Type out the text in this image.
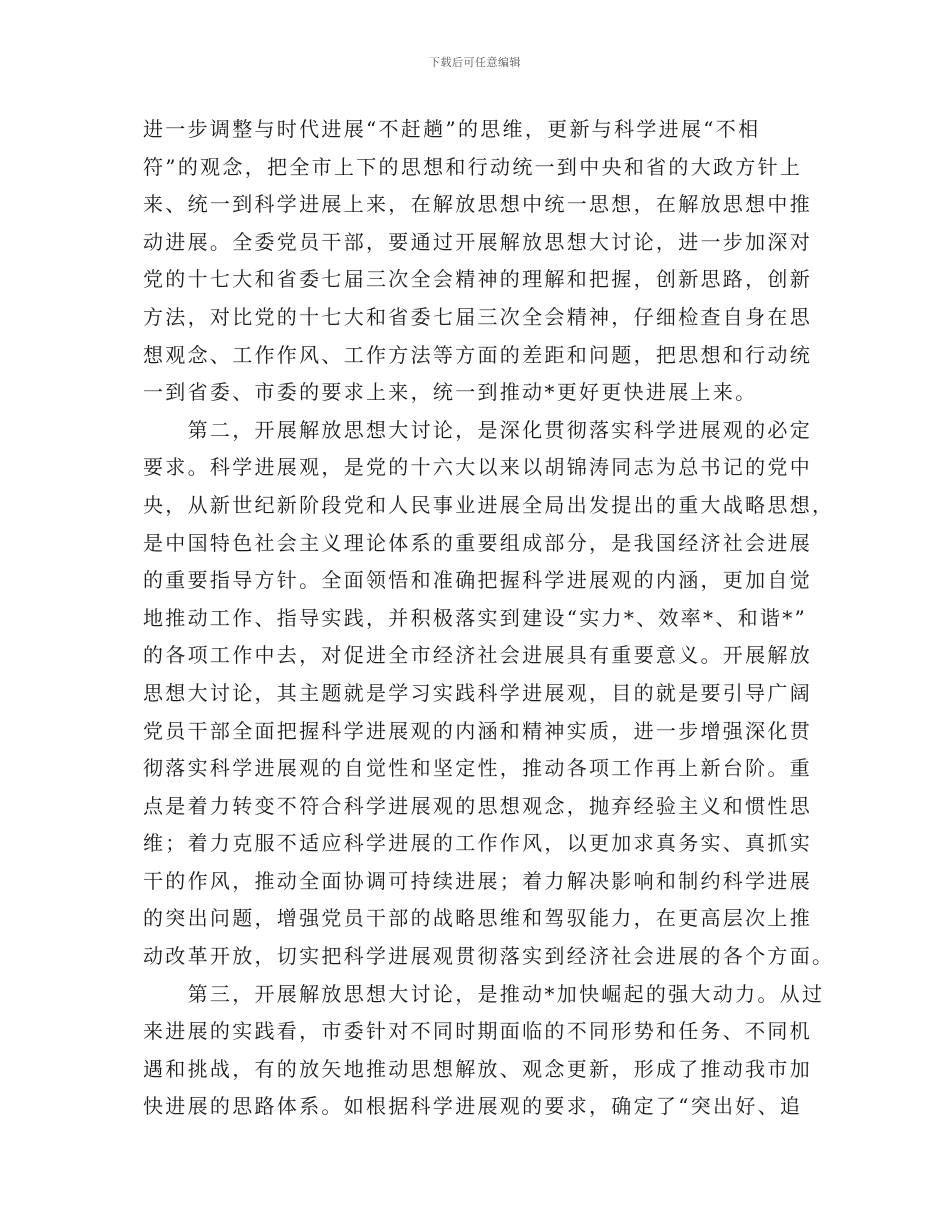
下载后可任意编辑
进一步调整与时代进展“不赶趟”的思维，更新与科学进展“不相
符”的观念，把全市上下的思想和行动统一到中央和省的大政方针上
来、统一到科学进展上来，在解放思想中统一思想，在解放思想中推
动进展。全委党员干部，要通过开展解放思想大讨论，进一步加深对
党的十七大和省委七届三次全会精神的理解和把握，创新思路，创新
方法，对比党的十七大和省委七届三次全会精神，仔细检查自身在思
想观念、工作作风、工作方法等方面的差距和问题，把思想和行动统
一到省委、市委的要求上来，统一到推动*更好更快进展上来。
　　第二，开展解放思想大讨论，是深化贯彻落实科学进展观的必定
要求。科学进展观，是党的十六大以来以胡锦涛同志为总书记的党中
央，从新世纪新阶段党和人民事业进展全局出发提出的重大战略思想，
是中国特色社会主义理论体系的重要组成部分，是我国经济社会进展
的重要指导方针。全面领悟和准确把握科学进展观的内涵，更加自觉
地推动工作、指导实践，并积极落实到建设“实力*、效率*、和谐*”
的各项工作中去，对促进全市经济社会进展具有重要意义。开展解放
思想大讨论，其主题就是学习实践科学进展观，目的就是要引导广阔
党员干部全面把握科学进展观的内涵和精神实质，进一步增强深化贯
彻落实科学进展观的自觉性和坚定性，推动各项工作再上新台阶。重
点是着力转变不符合科学进展观的思想观念，抛弃经验主义和惯性思
维；着力克服不适应科学进展的工作作风，以更加求真务实、真抓实
干的作风，推动全面协调可持续进展；着力解决影响和制约科学进展
的突出问题，增强党员干部的战略思维和驾驭能力，在更高层次上推
动改革开放，切实把科学进展观贯彻落实到经济社会进展的各个方面。
　　第三，开展解放思想大讨论，是推动*加快崛起的强大动力。从过
来进展的实践看，市委针对不同时期面临的不同形势和任务、不同机
遇和挑战，有的放矢地推动思想解放、观念更新，形成了推动我市加
快进展的思路体系。如根据科学进展观的要求，确定了“突出好、追
